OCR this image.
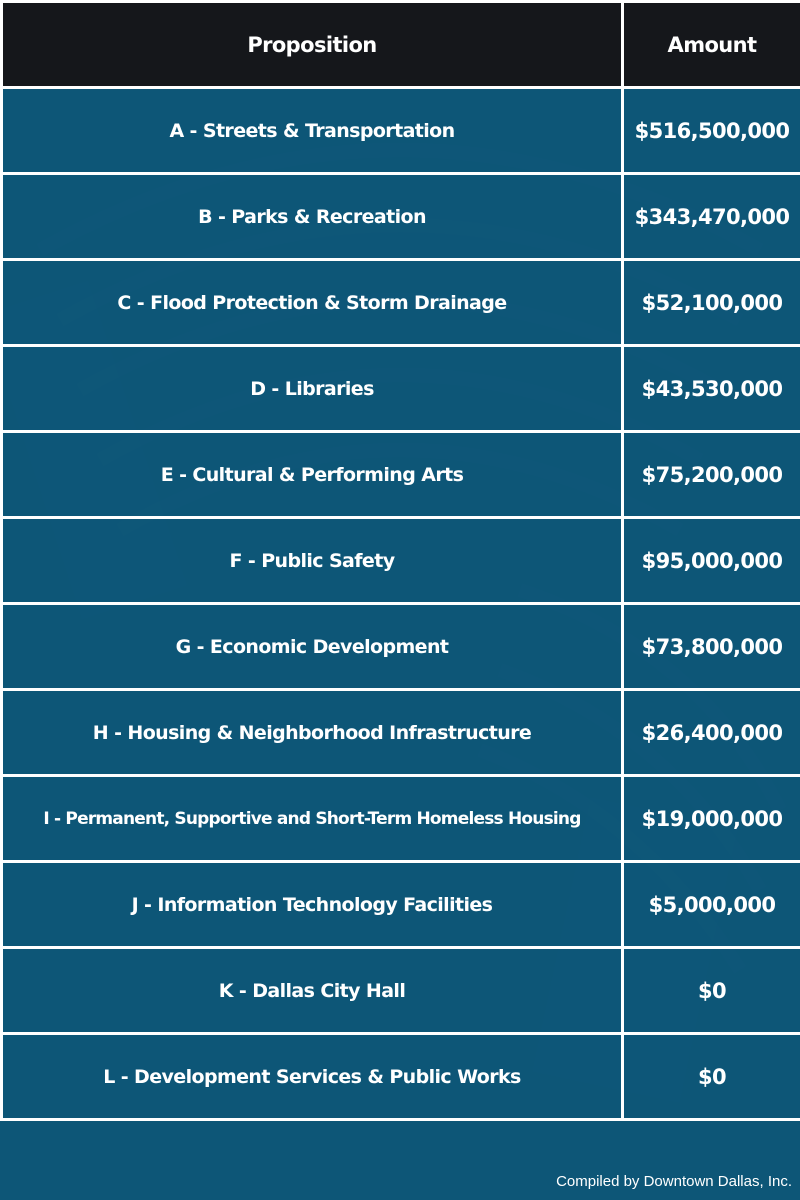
Proposition	Amount
A - Streets & Transportation	$516,500,000
B - Parks & Recreation	$343,470,000
C - Flood Protection & Storm Drainage	$52,100,000
D - Libraries	$43,530,000
E - Cultural & Performing Arts	$75,200,000
F - Public Safety	$95,000,000
G - Economic Development	$73,800,000
H - Housing & Neighborhood Infrastructure	$26,400,000
I - Permanent, Supportive and Short-Term Homeless Housing	$19,000,000
J - Information Technology Facilities	$5,000,000
K - Dallas City Hall	$0
L - Development Services & Public Works	$0
Compiled by Downtown Dallas, Inc.
